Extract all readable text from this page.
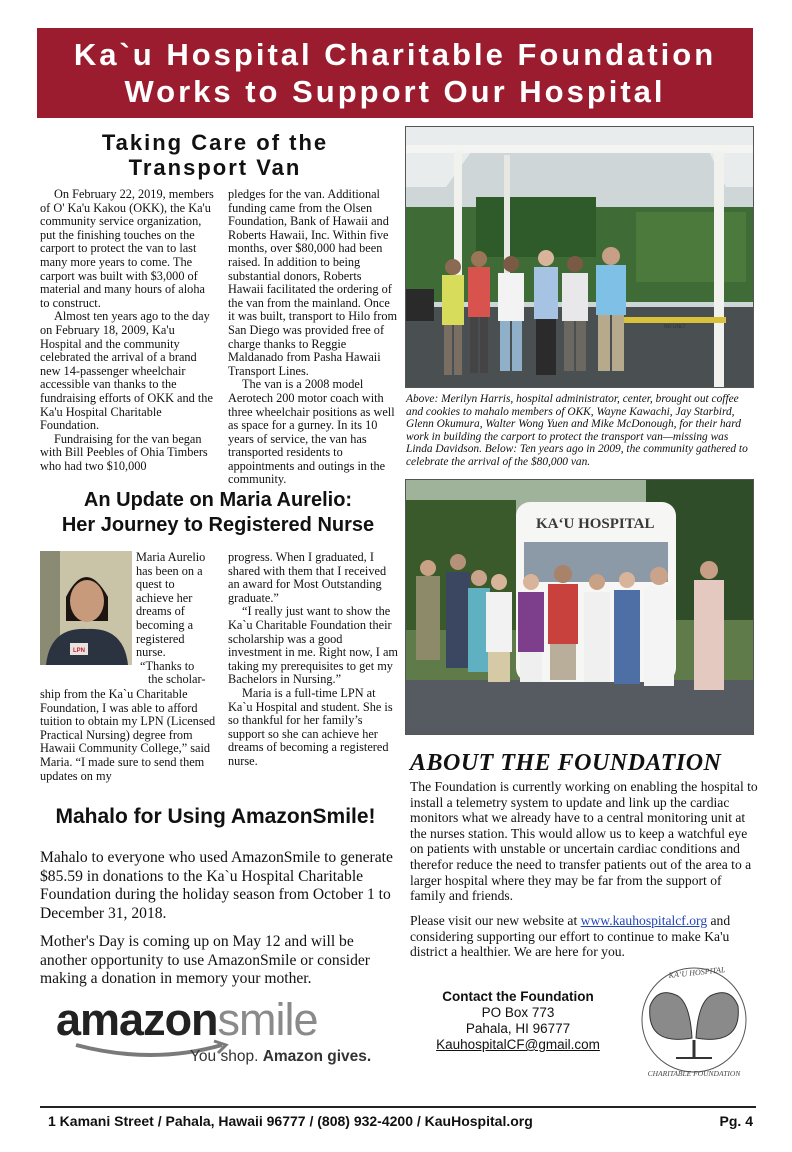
Ka`u Hospital Charitable Foundation
Works to Support Our Hospital
Taking Care of the
Transport Van

On February 22, 2019, members of O' Ka'u Kakou (OKK), the Ka'u community service organization, put the finishing touches on the carport to protect the van to last many more years to come. The carport was built with $3,000 of material and many hours of aloha to construct.

Almost ten years ago to the day on February 18, 2009, Ka'u Hospital and the community celebrated the arrival of a brand new 14-passenger wheelchair accessible van thanks to the fundraising efforts of OKK and the Ka'u Hospital Charitable Foundation.

Fundraising for the van began with Bill Peebles of Ohia Timbers who had two $10,000

pledges for the van. Additional funding came from the Olsen Foundation, Bank of Hawaii and Roberts Hawaii, Inc. Within five months, over $80,000 had been raised. In addition to being substantial donors, Roberts Hawaii facilitated the ordering of the van from the mainland. Once it was built, transport to Hilo from San Diego was provided free of charge thanks to Reggie Maldanado from Pasha Hawaii Transport Lines.

The van is a 2008 model Aerotech 200 motor coach with three wheelchair positions as well as space for a gurney. In its 10 years of service, the van has transported residents to appointments and outings in the community.

NO UNLT
Above: Merilyn Harris, hospital administrator, center, brought out coffee and cookies to mahalo members of OKK, Wayne Kawachi, Jay Starbird, Glenn Okumura, Walter Wong Yuen and Mike McDonough, for their hard work in building the carport to protect the transport van—missing was Linda Davidson. Below: Ten years ago in 2009, the community gathered to celebrate the arrival of the $80,000 van.
KA‘U HOSPITAL
An Update on Maria Aurelio:
Her Journey to Registered Nurse
LPN
Maria Aurelio
has been on a
quest to
achieve her
dreams of
becoming a
registered
nurse.
“Thanks to
the scholar-

ship from the Ka`u Charitable Foundation, I was able to afford tuition to obtain my LPN (Licensed Practical Nursing) degree from Hawaii Community College,” said Maria. “I made sure to send them updates on my

progress. When I graduated, I shared with them that I received an award for Most Outstanding graduate.”

“I really just want to show the Ka`u Charitable Foundation their scholarship was a good investment in me. Right now, I am taking my prerequisites to get my Bachelors in Nursing.”

Maria is a full-time LPN at Ka`u Hospital and student. She is so thankful for her family’s support so she can achieve her dreams of becoming a registered nurse.	ABOUT THE FOUNDATION
The Foundation is currently working on enabling the hospital to install a telemetry system to update and link up the cardiac monitors what we already have to a central monitoring unit at the nurses station. This would allow us to keep a watchful eye on patients with unstable or uncertain cardiac conditions and therefor reduce the need to transfer patients out of the area to a larger hospital where they may be far from the support of family and friends.
Please visit our new website at www.kauhospitalcf.org and considering supporting our effort to continue to make Ka'u district a healthier. We are here for you.
Mahalo for Using AmazonSmile!
Mahalo to everyone who used AmazonSmile to generate $85.59 in donations to the Ka`u Hospital Charitable Foundation during the holiday season from October 1 to December 31, 2018.
Mother's Day is coming up on May 12 and will be another opportunity to use AmazonSmile or consider making a donation in memory your mother.
amazonsmile
You shop. Amazon gives.
Contact the Foundation
PO Box 773
Pahala, HI 96777
KauhospitalCF@gmail.com
KA‘U HOSPITAL
CHARITABLE FOUNDATION
1 Kamani Street / Pahala, Hawaii 96777 / (808) 932-4200 / KauHospital.org	Pg. 4
